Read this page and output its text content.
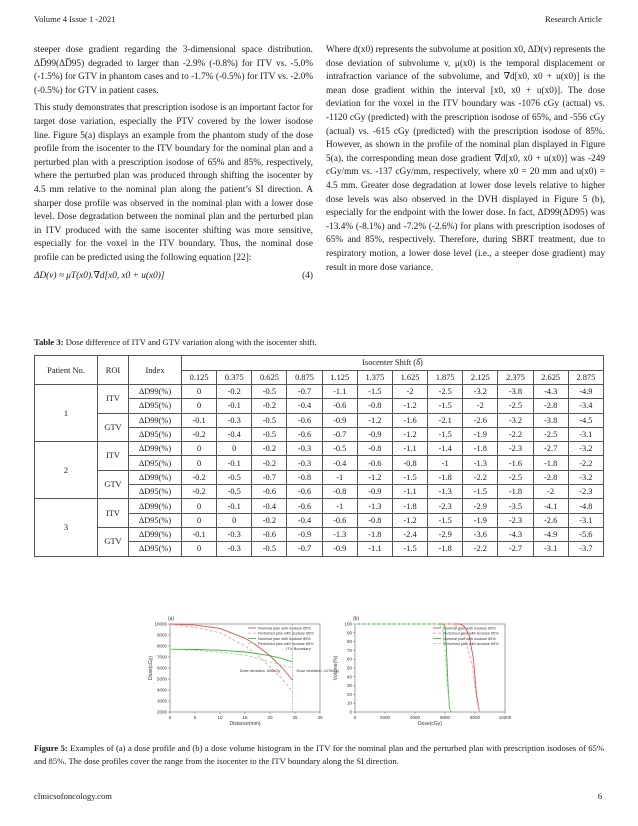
Volume 4 Issue 1 -2021	Research Article

steeper dose gradient regarding the 3-dimensional space distribution. ΔD̅99(ΔD̅95) degraded to larger than -2.9% (-0.8%) for ITV vs. -5.0% (-1.5%) for GTV in phantom cases and to -1.7% (-0.5%) for ITV vs. -2.0% (-0.5%) for GTV in patient cases.

This study demonstrates that prescription isodose is an important factor for target dose variation, especially the PTV covered by the lower isodose line. Figure 5(a) displays an example from the phantom study of the dose profile from the isocenter to the ITV boundary for the nominal plan and a perturbed plan with a prescription isodose of 65% and 85%, respectively, where the perturbed plan was produced through shifting the isocenter by 4.5 mm relative to the nominal plan along the patient’s SI direction. A sharper dose profile was observed in the nominal plan with a lower dose level. Dose degradation between the nominal plan and the perturbed plan in ITV produced with the same isocenter shifting was more sensitive, especially for the voxel in the ITV boundary. Thus, the nominal dose profile can be predicted using the following equation [22]:

ΔD(v) ≈ μT(x0).∇̅d[x0, x0 + u(x0)]	(4)

Where d(x0) represents the subvolume at position x0, ΔD(v) represents the dose deviation of subvolume v, μ(x0) is the temporal displacement or intrafraction variance of the subvolume, and ∇̅d[x0, x0 + u(x0)] is the mean dose gradient within the interval [x0, x0 + u(x0)]. The dose deviation for the voxel in the ITV boundary was -1076 cGy (actual) vs. -1120 cGy (predicted) with the prescription isodose of 65%, and -556 cGy (actual) vs. -615 cGy (predicted) with the prescription isodose of 85%. However, as shown in the profile of the nominal plan displayed in Figure 5(a), the corresponding mean dose gradient ∇̅d[x0, x0 + u(x0)] was -249 cGy/mm vs. -137 cGy/mm, respectively, where x0 = 20 mm and u(x0) = 4.5 mm. Greater dose degradation at lower dose levels relative to higher dose levels was also observed in the DVH displayed in Figure 5 (b), especially for the endpoint with the lower dose. In fact, ΔD99(ΔD95) was -13.4% (-8.1%) and -7.2% (-2.6%) for plans with prescription isodoses of 65% and 85%, respectively. Therefore, during SBRT treatment, due to respiratory motion, a lower dose level (i.e., a steeper dose gradient) may result in more dose variance.

Table 3: Dose difference of ITV and GTV variation along with the isocenter shift.
Patient No.	ROI	Index	Isocenter Shift (δ̅)											
			0.125	0.375	0.625	0.875	1.125	1.375	1.625	1.875	2.125	2.375	2.625	2.875
1	ITV	ΔD99(%)	0	-0.2	-0.5	-0.7	-1.1	-1.5	-2	-2.5	-3.2	-3.8	-4.3	-4.9
		ΔD95(%)	0	-0.1	-0.2	-0.4	-0.6	-0.8	-1.2	-1.5	-2	-2.5	-2.8	-3.4
	GTV	ΔD99(%)	-0.1	-0.3	-0.5	-0.6	-0.9	-1.2	-1.6	-2.1	-2.6	-3.2	-3.8	-4.5
		ΔD95(%)	-0.2	-0.4	-0.5	-0.6	-0.7	-0.9	-1.2	-1.5	-1.9	-2.2	-2.5	-3.1
2	ITV	ΔD99(%)	0	0	-0.2	-0.3	-0.5	-0.8	-1.1	-1.4	-1.8	-2.3	-2.7	-3.2
		ΔD95(%)	0	-0.1	-0.2	-0.3	-0.4	-0.6	-0.8	-1	-1.3	-1.6	-1.8	-2.2
	GTV	ΔD99(%)	-0.2	-0.5	-0.7	-0.8	-1	-1.2	-1.5	-1.8	-2.2	-2.5	-2.8	-3.2
		ΔD95(%)	-0.2	-0.5	-0.6	-0.6	-0.8	-0.9	-1.1	-1.3	-1.5	-1.8	-2	-2.3
3	ITV	ΔD99(%)	0	-0.1	-0.4	-0.6	-1	-1.3	-1.8	-2.3	-2.9	-3.5	-4.1	-4.8
		ΔD95(%)	0	0	-0.2	-0.4	-0.6	-0.8	-1.2	-1.5	-1.9	-2.3	-2.6	-3.1
	GTV	ΔD99(%)	-0.1	-0.3	-0.6	-0.9	-1.3	-1.8	-2.4	-2.9	-3.6	-4.3	-4.9	-5.6
		ΔD95(%)	0	-0.3	-0.5	-0.7	-0.9	-1.1	-1.5	-1.8	-2.2	-2.7	-3.1	-3.7
(a)
0	5	10	15	20	25	30
2000
3000
4000
5000
6000
7000
8000
9000
10000
Distance(mm)
Dose(cGy)
Nominal plan with isodose 65%
Perturbed plan with isodose 65%
Nominal plan with isodose 85%
Perturbed plan with isodose 85%
ITV Boundary
Dose deviation -556cGy	Dose deviation -1076cGy
(b)
0	2000	4000	6000	8000	10000
0
10
20
30
40
50
60
70
80
90
100
Dose(cGy)
Volume(%)
Nominal plan with isodose 65%
Perturbed plan with isodose 65%
Nominal plan with isodose 85%
Perturbed plan with isodose 85%
Figure 5: Examples of (a) a dose profile and (b) a dose volume histogram in the ITV for the nominal plan and the perturbed plan with prescription isodoses of 65% and 85%. The dose profiles cover the range from the isocenter to the ITV boundary along the SI direction.
clinicsofoncology.com	6
